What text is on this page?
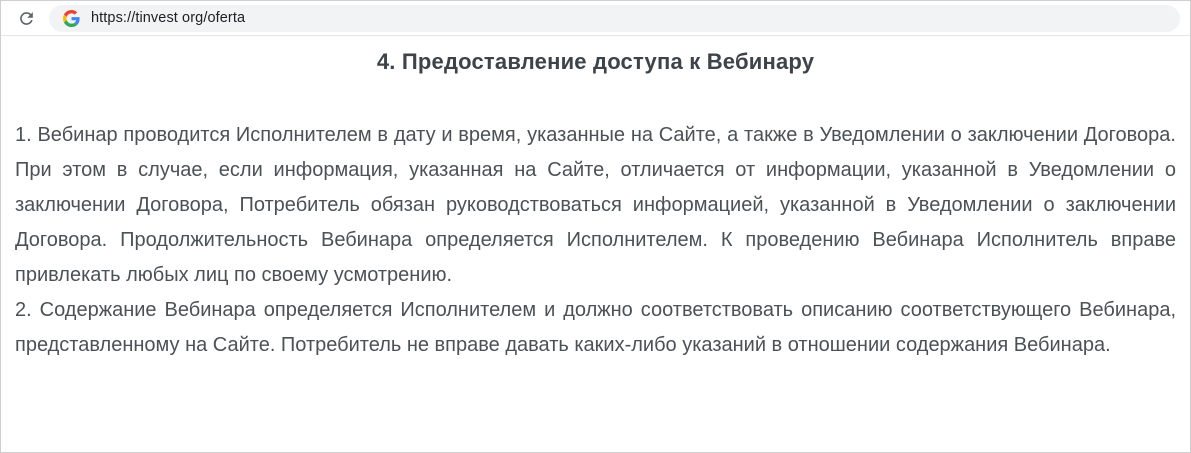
https://tinvest org/oferta
4. Предоставление доступа к Вебинару

1. Вебинар проводится Исполнителем в дату и время, указанные на Сайте, а также в Уведомлении о заключении Договора. При этом в случае, если информация, указанная на Сайте, отличается от информации, указанной в Уведомлении о заключении Договора, Потребитель обязан руководствоваться информацией, указанной в Уведомлении о заключении Договора. Продолжительность Вебинара определяется Исполнителем. К проведению Вебинара Исполнитель вправе привлекать любых лиц по своему усмотрению.

2. Содержание Вебинара определяется Исполнителем и должно соответствовать описанию соответствующего Вебинара, представленному на Сайте. Потребитель не вправе давать каких-либо указаний в отношении содержания Вебинара.
